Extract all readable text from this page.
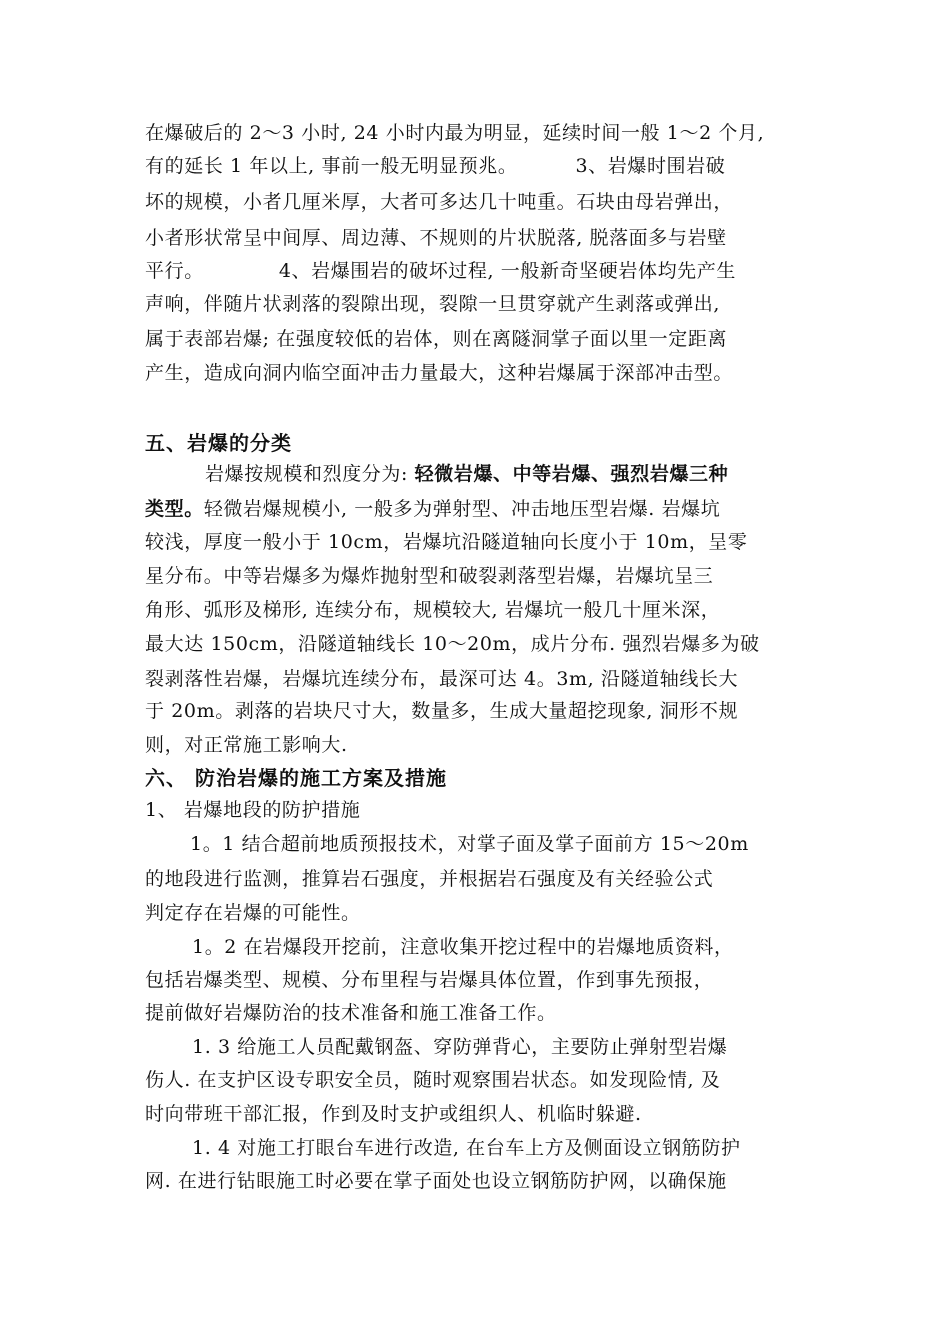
在爆破后的 2～3 小时, 24 小时内最为明显，延续时间一般 1～2 个月,
有的延长 1 年以上, 事前一般无明显预兆。	3、岩爆时围岩破
坏的规模，小者几厘米厚，大者可多达几十吨重。石块由母岩弹出，
小者形状常呈中间厚、周边薄、不规则的片状脱落, 脱落面多与岩壁
平行。	4、岩爆围岩的破坏过程, 一般新奇坚硬岩体均先产生
声响，伴随片状剥落的裂隙出现，裂隙一旦贯穿就产生剥落或弹出,
属于表部岩爆; 在强度较低的岩体，则在离隧洞掌子面以里一定距离
产生，造成向洞内临空面冲击力量最大，这种岩爆属于深部冲击型。
五、岩爆的分类
岩爆按规模和烈度分为: 轻微岩爆、中等岩爆、强烈岩爆三种
类型。轻微岩爆规模小, 一般多为弹射型、冲击地压型岩爆. 岩爆坑
较浅，厚度一般小于 10cm，岩爆坑沿隧道轴向长度小于 10m，呈零
星分布。中等岩爆多为爆炸抛射型和破裂剥落型岩爆，岩爆坑呈三
角形、弧形及梯形, 连续分布，规模较大, 岩爆坑一般几十厘米深，
最大达 150cm，沿隧道轴线长 10～20m，成片分布. 强烈岩爆多为破
裂剥落性岩爆，岩爆坑连续分布，最深可达 4。3m, 沿隧道轴线长大
于 20m。剥落的岩块尺寸大，数量多，生成大量超挖现象, 洞形不规
则，对正常施工影响大.
六、 防治岩爆的施工方案及措施
1、 岩爆地段的防护措施
1。1 结合超前地质预报技术，对掌子面及掌子面前方 15～20m
的地段进行监测，推算岩石强度，并根据岩石强度及有关经验公式
判定存在岩爆的可能性。
1。2 在岩爆段开挖前，注意收集开挖过程中的岩爆地质资料，
包括岩爆类型、规模、分布里程与岩爆具体位置，作到事先预报，
提前做好岩爆防治的技术准备和施工准备工作。
1. 3 给施工人员配戴钢盔、穿防弹背心，主要防止弹射型岩爆
伤人. 在支护区设专职安全员，随时观察围岩状态。如发现险情, 及
时向带班干部汇报，作到及时支护或组织人、机临时躲避.
1. 4 对施工打眼台车进行改造, 在台车上方及侧面设立钢筋防护
网. 在进行钻眼施工时必要在掌子面处也设立钢筋防护网，以确保施
